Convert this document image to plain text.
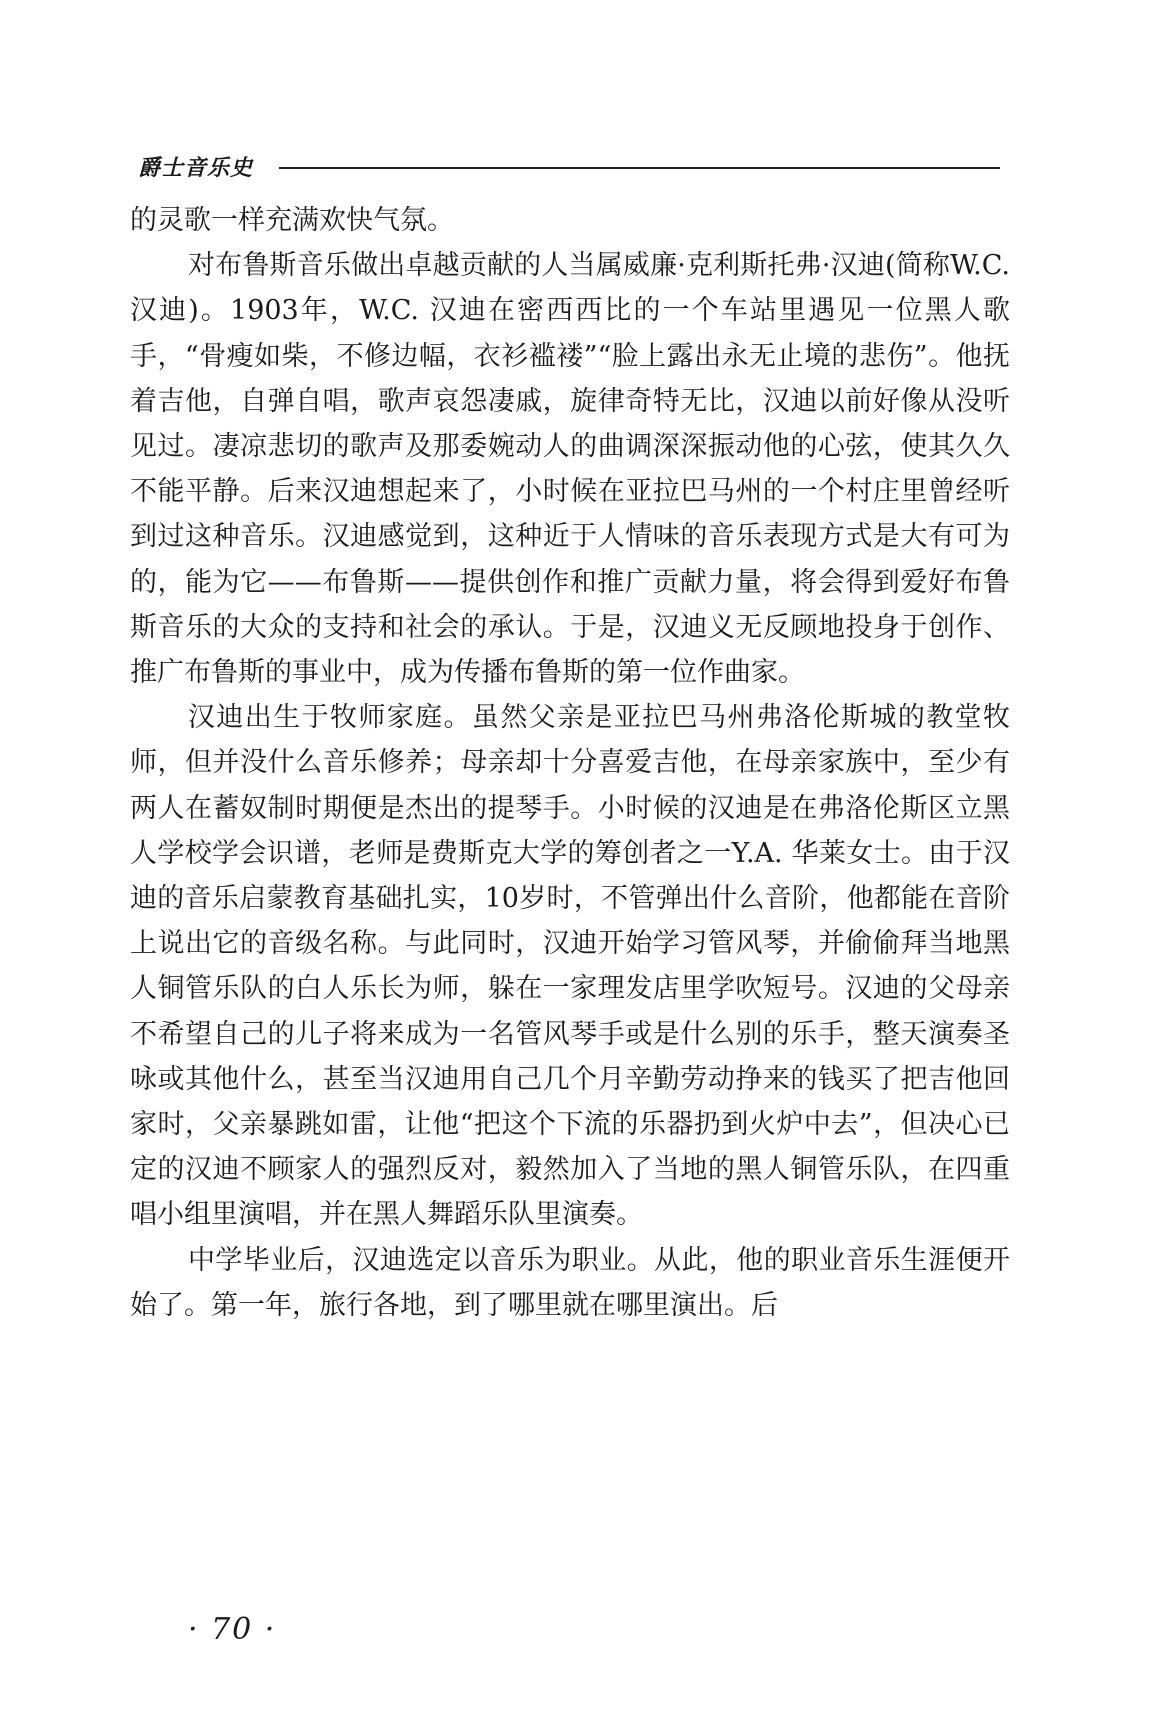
爵士音乐史

的灵歌一样充满欢快气氛。

对布鲁斯音乐做出卓越贡献的人当属威廉·克利斯托弗·汉迪(简称W.C. 汉迪)。1903年，W.C. 汉迪在密西西比的一个车站里遇见一位黑人歌手，“骨瘦如柴，不修边幅，衣衫褴褛”“脸上露出永无止境的悲伤”。他抚着吉他，自弹自唱，歌声哀怨凄戚，旋律奇特无比，汉迪以前好像从没听见过。凄凉悲切的歌声及那委婉动人的曲调深深振动他的心弦，使其久久不能平静。后来汉迪想起来了，小时候在亚拉巴马州的一个村庄里曾经听到过这种音乐。汉迪感觉到，这种近于人情味的音乐表现方式是大有可为的，能为它——布鲁斯——提供创作和推广贡献力量，将会得到爱好布鲁斯音乐的大众的支持和社会的承认。于是，汉迪义无反顾地投身于创作、推广布鲁斯的事业中，成为传播布鲁斯的第一位作曲家。

汉迪出生于牧师家庭。虽然父亲是亚拉巴马州弗洛伦斯城的教堂牧师，但并没什么音乐修养；母亲却十分喜爱吉他，在母亲家族中，至少有两人在蓄奴制时期便是杰出的提琴手。小时候的汉迪是在弗洛伦斯区立黑人学校学会识谱，老师是费斯克大学的筹创者之一Y.A. 华莱女士。由于汉迪的音乐启蒙教育基础扎实，10岁时，不管弹出什么音阶，他都能在音阶上说出它的音级名称。与此同时，汉迪开始学习管风琴，并偷偷拜当地黑人铜管乐队的白人乐长为师，躲在一家理发店里学吹短号。汉迪的父母亲不希望自己的儿子将来成为一名管风琴手或是什么别的乐手，整天演奏圣咏或其他什么，甚至当汉迪用自己几个月辛勤劳动挣来的钱买了把吉他回家时，父亲暴跳如雷，让他“把这个下流的乐器扔到火炉中去”，但决心已定的汉迪不顾家人的强烈反对，毅然加入了当地的黑人铜管乐队，在四重唱小组里演唱，并在黑人舞蹈乐队里演奏。

中学毕业后，汉迪选定以音乐为职业。从此，他的职业音乐生涯便开始了。第一年，旅行各地，到了哪里就在哪里演出。后

· 70 ·
